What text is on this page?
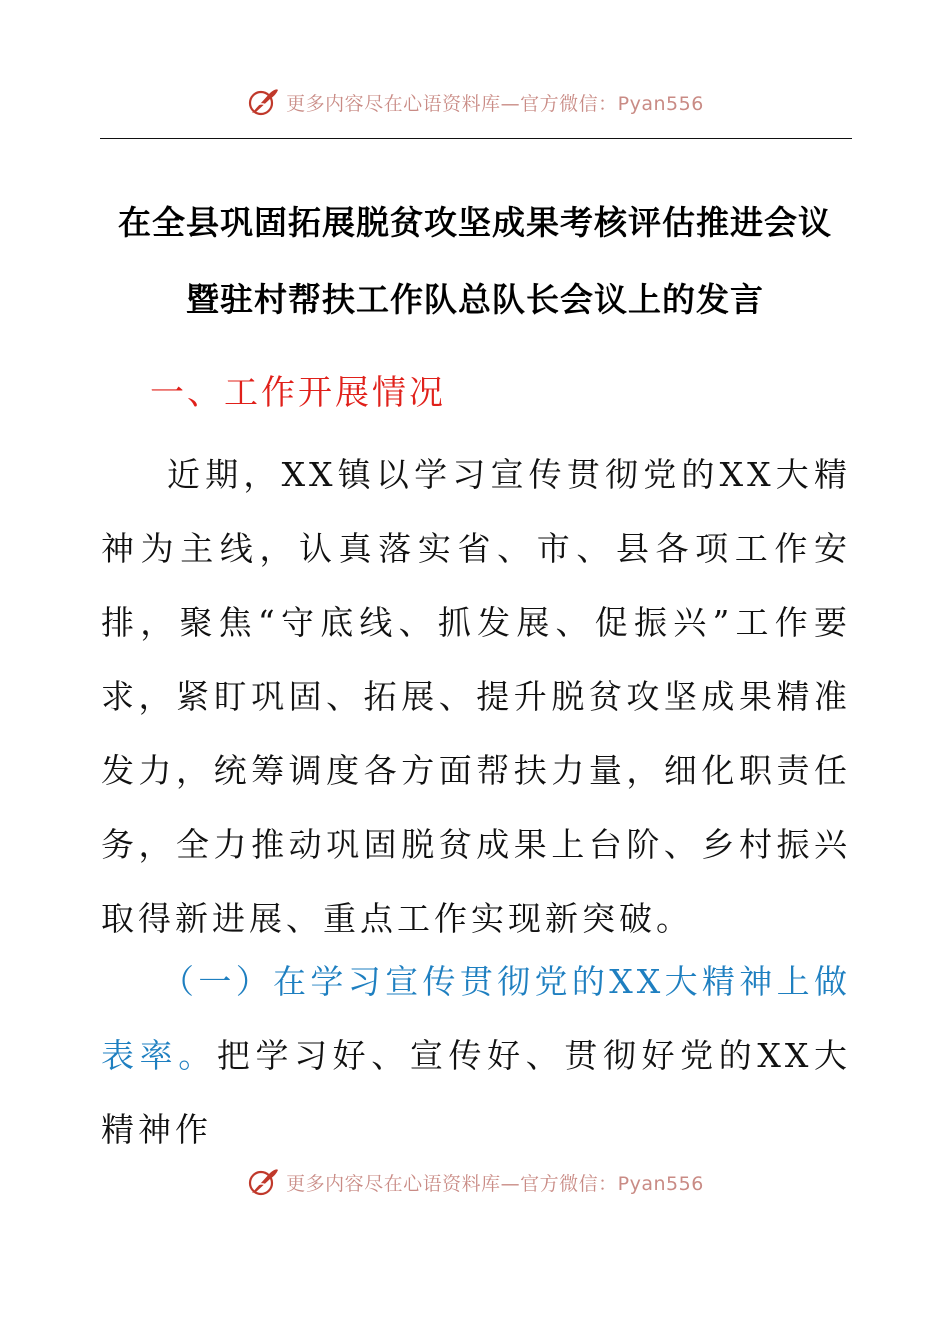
更多内容尽在心语资料库—官方微信：Pyan556
在全县巩固拓展脱贫攻坚成果考核评估推进会议
暨驻村帮扶工作队总队长会议上的发言
一、工作开展情况

近期，XX镇以学习宣传贯彻党的XX大精神为主线，认真落实省、市、县各项工作安排，聚焦“守底线、抓发展、促振兴”工作要求，紧盯巩固、拓展、提升脱贫攻坚成果精准发力，统筹调度各方面帮扶力量，细化职责任务，全力推动巩固脱贫成果上台阶、乡村振兴取得新进展、重点工作实现新突破。

（一）在学习宣传贯彻党的XX大精神上做表率。把学习好、宣传好、贯彻好党的XX大精神作

更多内容尽在心语资料库—官方微信：Pyan556
